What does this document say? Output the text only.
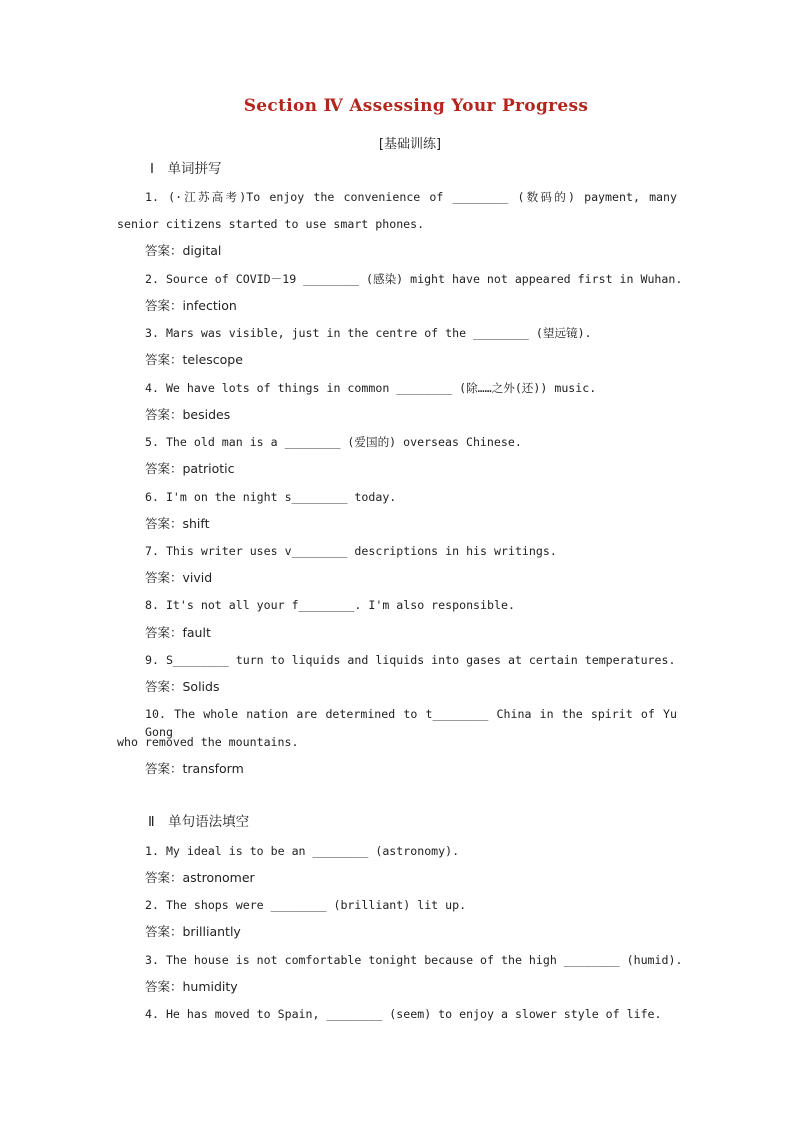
Section Ⅳ Assessing Your Progress
[基础训练]
Ⅰ　单词拼写
1. (·江苏高考)To enjoy the convenience of ________ (数码的) payment, many
senior citizens started to use smart phones.
答案：digital
2. Source of COVID－19 ________ (感染) might have not appeared first in Wuhan.
答案：infection
3. Mars was visible, just in the centre of the ________ (望远镜).
答案：telescope
4. We have lots of things in common ________ (除……之外(还)) music.
答案：besides
5. The old man is a ________ (爱国的) overseas Chinese.
答案：patriotic
6. I'm on the night s________ today.
答案：shift
7. This writer uses v________ descriptions in his writings.
答案：vivid
8. It's not all your f________. I'm also responsible.
答案：fault
9. S________ turn to liquids and liquids into gases at certain temperatures.
答案：Solids
10. The whole nation are determined to t________ China in the spirit of Yu Gong
who removed the mountains.
答案：transform
Ⅱ　单句语法填空
1. My ideal is to be an ________ (astronomy).
答案：astronomer
2. The shops were ________ (brilliant) lit up.
答案：brilliantly
3. The house is not comfortable tonight because of the high ________ (humid).
答案：humidity
4. He has moved to Spain, ________ (seem) to enjoy a slower style of life.
